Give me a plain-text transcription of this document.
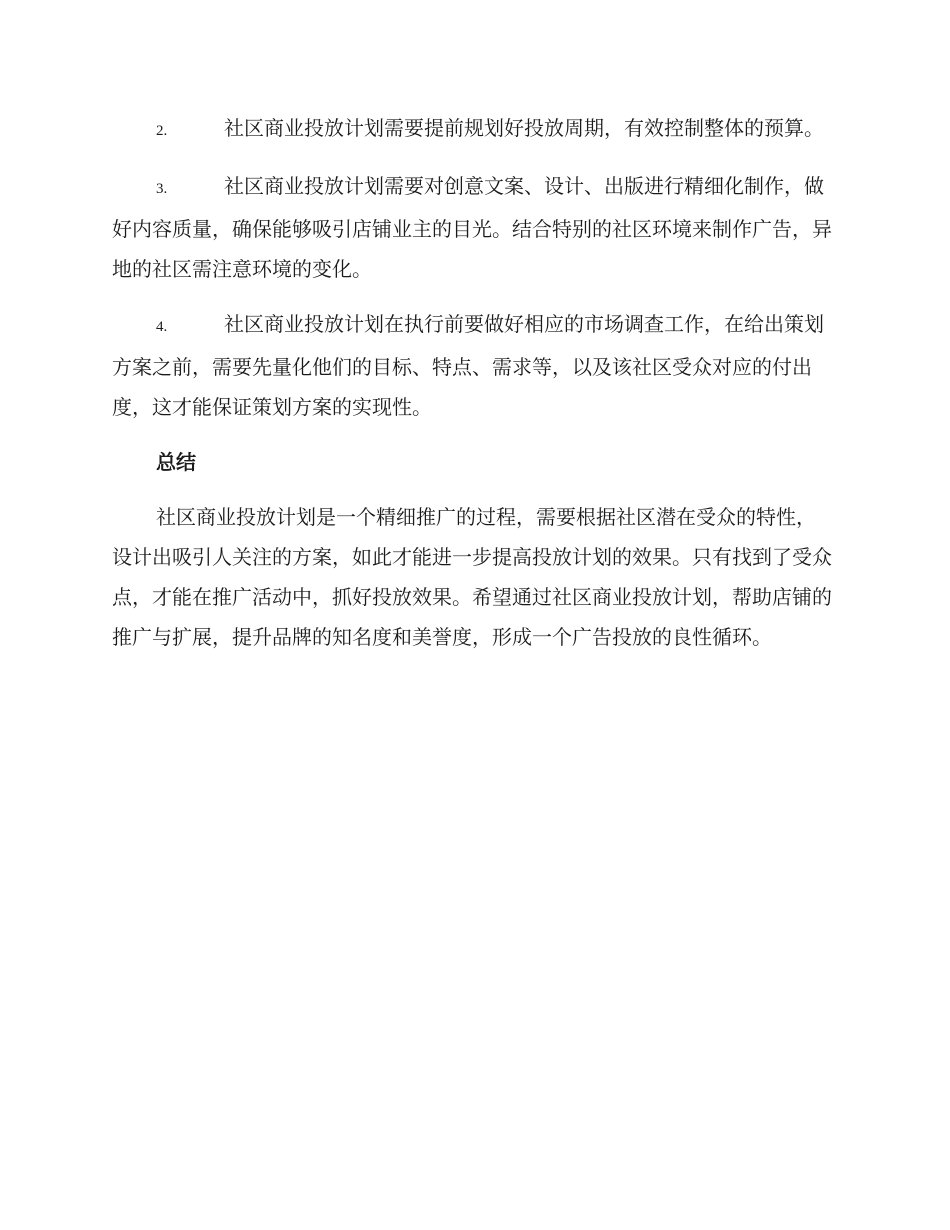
2.	社区商业投放计划需要提前规划好投放周期，有效控制整体的预算。

3.	社区商业投放计划需要对创意文案、设计、出版进行精细化制作，做好内容质量，确保能够吸引店铺业主的目光。结合特别的社区环境来制作广告，异地的社区需注意环境的变化。

4.	社区商业投放计划在执行前要做好相应的市场调查工作，在给出策划方案之前，需要先量化他们的目标、特点、需求等，以及该社区受众对应的付出度，这才能保证策划方案的实现性。

总结

社区商业投放计划是一个精细推广的过程，需要根据社区潜在受众的特性，设计出吸引人关注的方案，如此才能进一步提高投放计划的效果。只有找到了受众点，才能在推广活动中，抓好投放效果。希望通过社区商业投放计划，帮助店铺的推广与扩展，提升品牌的知名度和美誉度，形成一个广告投放的良性循环。
